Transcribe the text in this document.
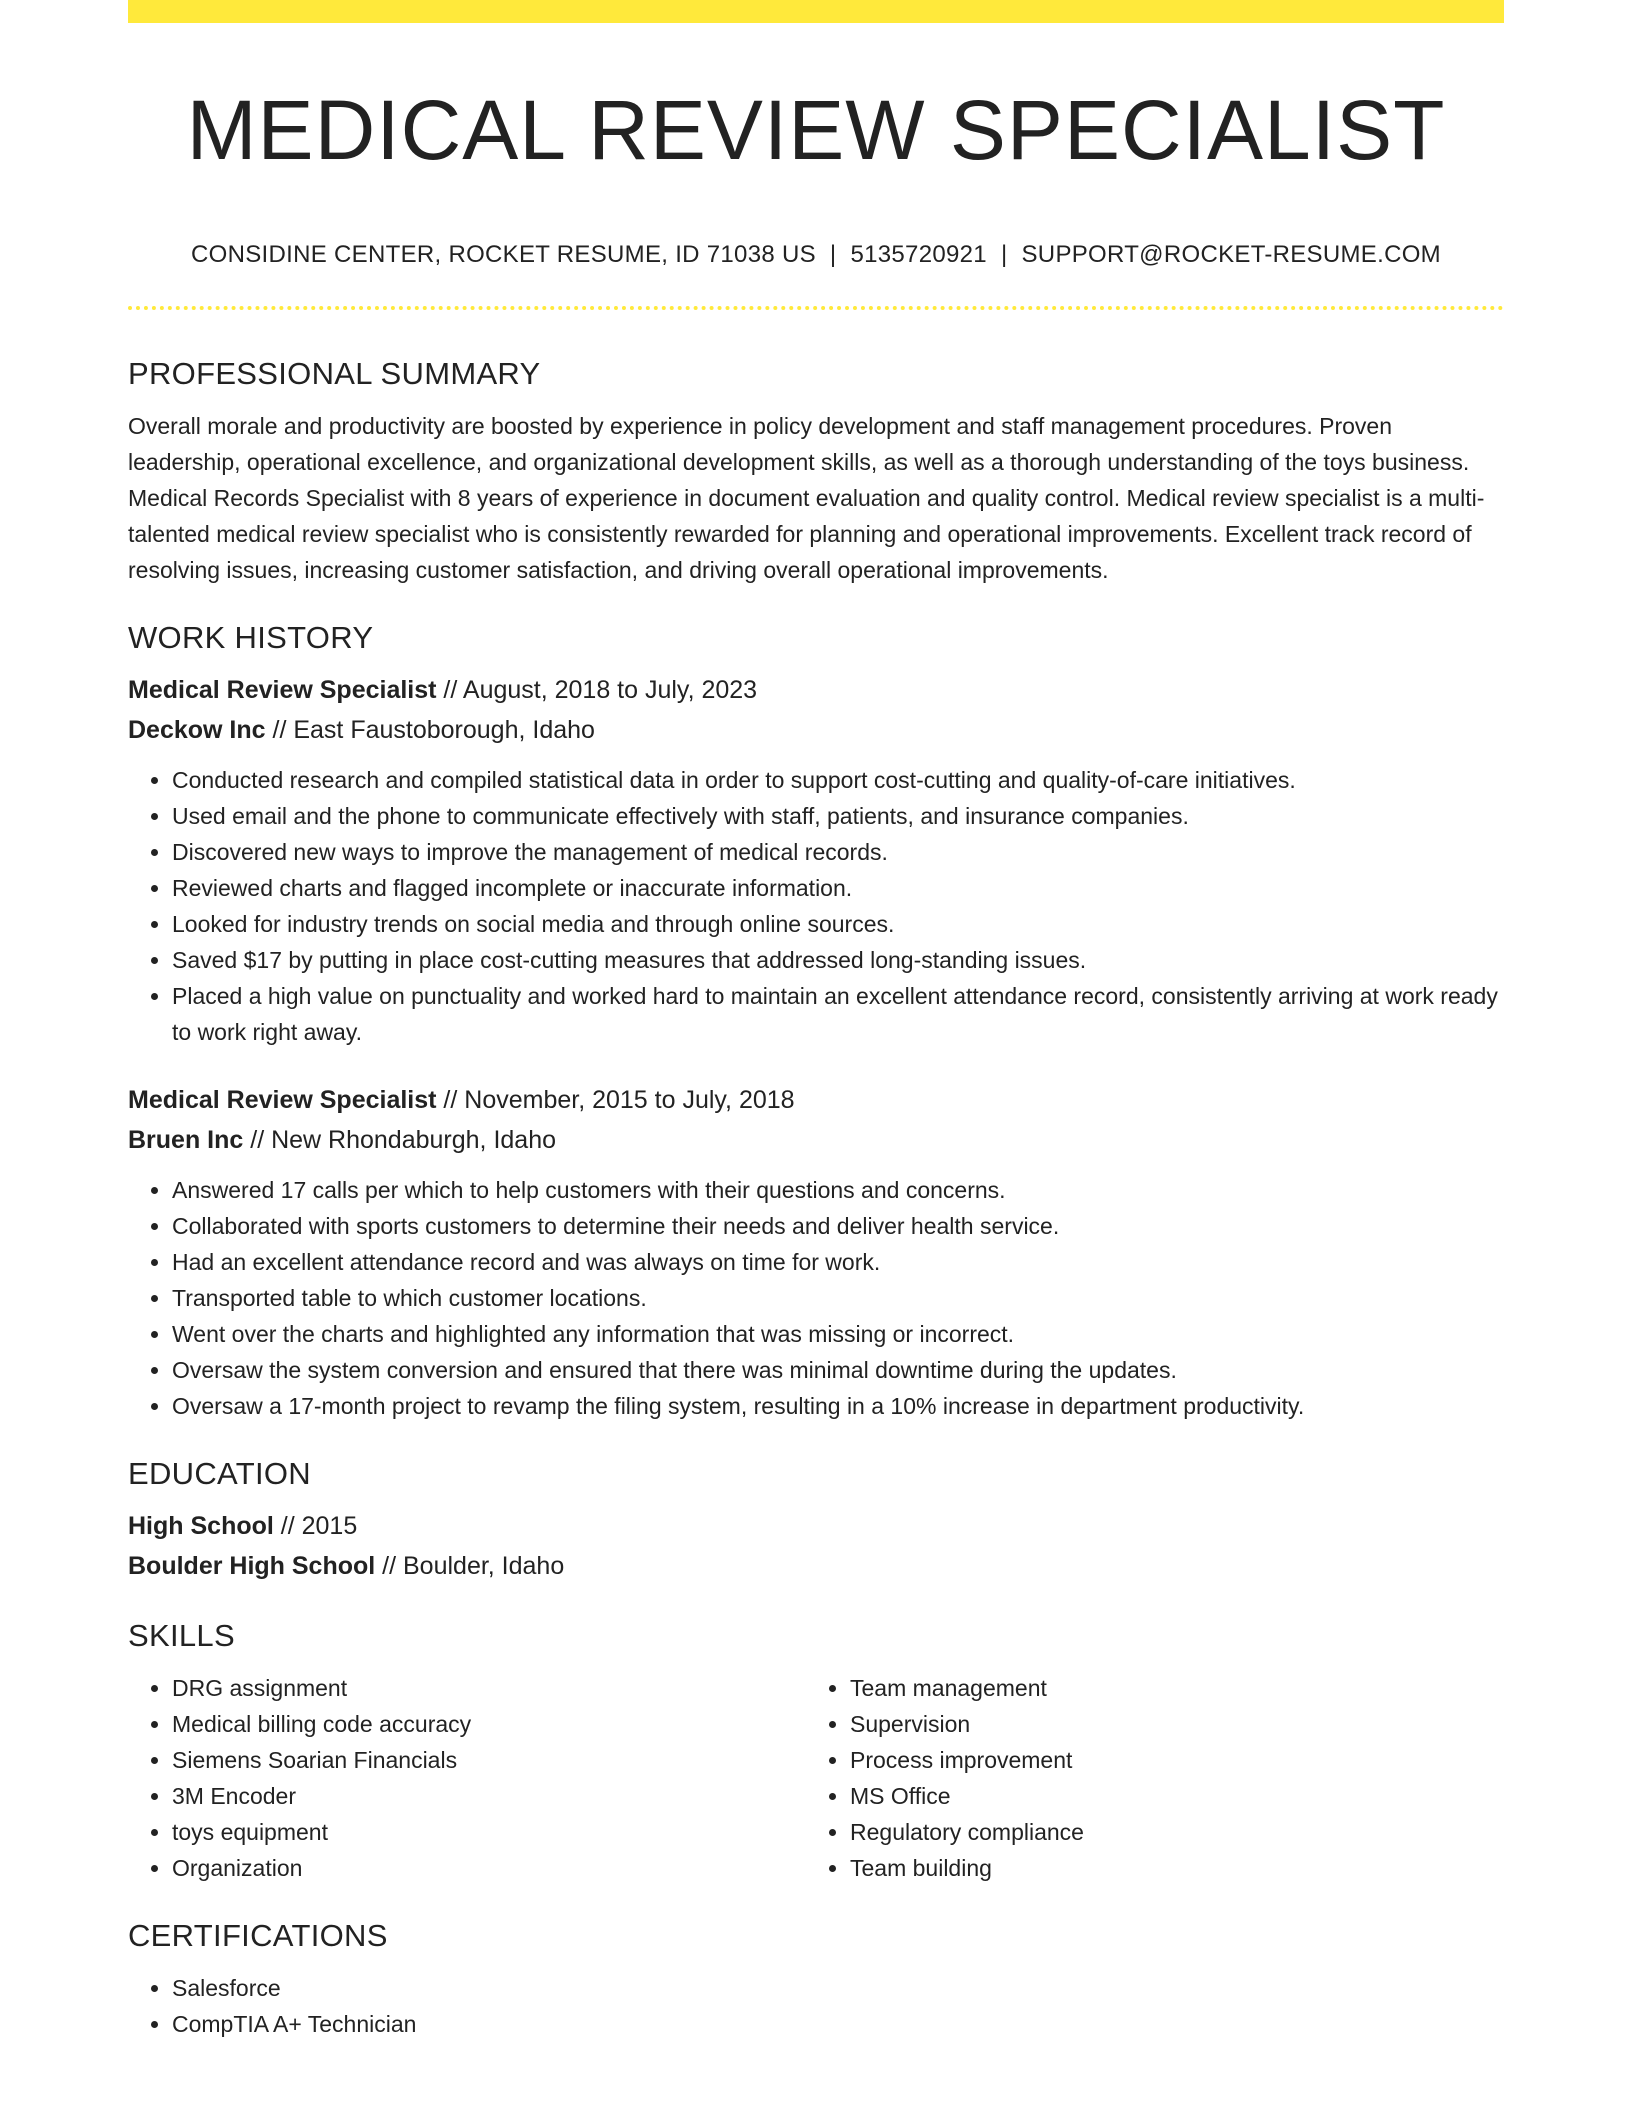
MEDICAL REVIEW SPECIALIST
CONSIDINE CENTER, ROCKET RESUME, ID 71038 US | 5135720921 | SUPPORT@ROCKET-RESUME.COM
PROFESSIONAL SUMMARY

Overall morale and productivity are boosted by experience in policy development and staff management procedures. Proven leadership, operational excellence, and organizational development skills, as well as a thorough understanding of the toys business. Medical Records Specialist with 8 years of experience in document evaluation and quality control. Medical review specialist is a multi-talented medical review specialist who is consistently rewarded for planning and operational improvements. Excellent track record of resolving issues, increasing customer satisfaction, and driving overall operational improvements.

WORK HISTORY
Medical Review Specialist // August, 2018 to July, 2023
Deckow Inc // East Faustoborough, Idaho
• Conducted research and compiled statistical data in order to support cost-cutting and quality-of-care initiatives.
• Used email and the phone to communicate effectively with staff, patients, and insurance companies.
• Discovered new ways to improve the management of medical records.
• Reviewed charts and flagged incomplete or inaccurate information.
• Looked for industry trends on social media and through online sources.
• Saved $17 by putting in place cost-cutting measures that addressed long-standing issues.
• Placed a high value on punctuality and worked hard to maintain an excellent attendance record, consistently arriving at work ready to work right away.
Medical Review Specialist // November, 2015 to July, 2018
Bruen Inc // New Rhondaburgh, Idaho
• Answered 17 calls per which to help customers with their questions and concerns.
• Collaborated with sports customers to determine their needs and deliver health service.
• Had an excellent attendance record and was always on time for work.
• Transported table to which customer locations.
• Went over the charts and highlighted any information that was missing or incorrect.
• Oversaw the system conversion and ensured that there was minimal downtime during the updates.
• Oversaw a 17-month project to revamp the filing system, resulting in a 10% increase in department productivity.
EDUCATION
High School // 2015
Boulder High School // Boulder, Idaho
SKILLS
• DRG assignment
• Medical billing code accuracy
• Siemens Soarian Financials
• 3M Encoder
• toys equipment
• Organization
• Team management
• Supervision
• Process improvement
• MS Office
• Regulatory compliance
• Team building
CERTIFICATIONS
• Salesforce
• CompTIA A+ Technician
